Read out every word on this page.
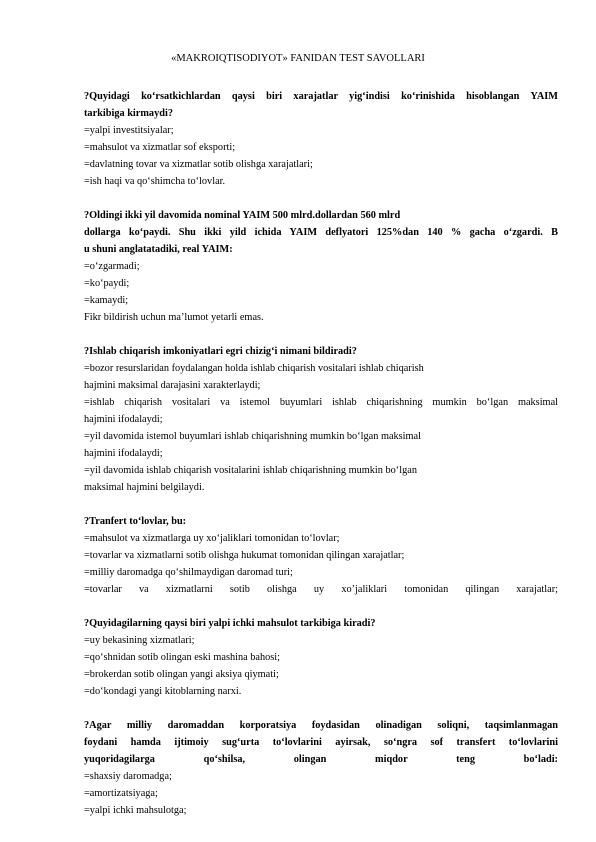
«MAKROIQTISODIYOT» FANIDAN TEST SAVOLLARI
?Quyidagi ko‘rsatkichlardan qaysi biri xarajatlar yig‘indisi ko‘rinishida hisoblangan YAIM
tarkibiga kirmaydi?
=yalpi investitsiyalar;
=mahsulot va xizmatlar sof eksporti;
=davlatning tovar va xizmatlar sotib olishga xarajatlari;
=ish haqi va qo‘shimcha to‘lovlar.
?Oldingi ikki yil davomida nominal YAIM 500 mlrd.dollardan 560 mlrd
dollarga ko‘paydi. Shu ikki yild ichida YAIM deflyatori 125%dan 140 % gacha o‘zgardi. B
u shuni anglatatadiki, real YAIM:
=o‘zgarmadi;
=ko‘paydi;
=kamaydi;
Fikr bildirish uchun ma’lumot yetarli emas.
?Ishlab chiqarish imkoniyatlari egri chizig‘i nimani bildiradi?
=bozor resurslaridan foydalangan holda ishlab chiqarish vositalari ishlab chiqarish
hajmini maksimal darajasini xarakterlaydi;
=ishlab chiqarish vositalari va istemol buyumlari ishlab chiqarishning mumkin bo‘lgan maksimal
hajmini ifodalaydi;
=yil davomida istemol buyumlari ishlab chiqarishning mumkin bo‘lgan maksimal
hajmini ifodalaydi;
=yil davomida ishlab chiqarish vositalarini ishlab chiqarishning mumkin bo‘lgan
maksimal hajmini belgilaydi.
?Tranfert to‘lovlar, bu:
=mahsulot va xizmatlarga uy xo‘jaliklari tomonidan to‘lovlar;
=tovarlar va xizmatlarni sotib olishga hukumat tomonidan qilingan xarajatlar;
=milliy daromadga qo‘shilmaydigan daromad turi;
=tovarlar va xizmatlarni sotib olishga uy xo’jaliklari tomonidan qilingan xarajatlar;
?Quyidagilarning qaysi biri yalpi ichki mahsulot tarkibiga kiradi?
=uy bekasining xizmatlari;
=qo‘shnidan sotib olingan eski mashina bahosi;
=brokerdan sotib olingan yangi aksiya qiymati;
=do‘kondagi yangi kitoblarning narxi.
?Agar milliy daromaddan korporatsiya foydasidan olinadigan soliqni, taqsimlanmagan
foydani hamda ijtimoiy sug‘urta to‘lovlarini ayirsak, so‘ngra sof transfert to‘lovlarini
yuqoridagilarga qo‘shilsa, olingan miqdor teng bo‘ladi:
=shaxsiy daromadga;
=amortizatsiyaga;
=yalpi ichki mahsulotga;
